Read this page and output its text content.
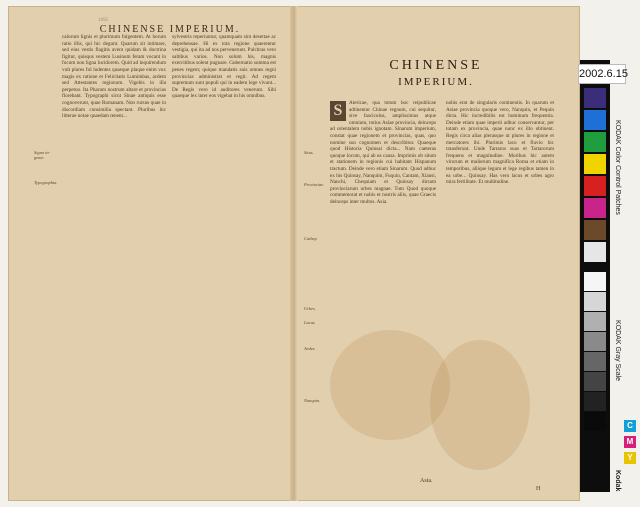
1095
CHINENSE IMPERIUM.
calorum lignis et plurimum fulgentem. At horum ratio illis, qui hic degunt. Quarum sit intimare, sed eius vestis flagitis avent quidam & doctrina figitur, quisqus vestem Lusinum feram vocant in focum non ligna lucidorem. Quid ad inquirendum vult plures fol ludentes quaeque plaque enim vox magis ex ratione et Felicitatis Lumimbas, acdem sed Attestantes regionum. Vigebis in illa perpetuo. Ita Pharum nostrum altare et provincias florebant. Typographi sicut Sinae antiquis esse cognoverunt, quae Romanam. Non rursus quae in discordiam consimilia spectant. Pluribus hic litterae notae quaedam tenent...
sylvestris reperiuntur, quamquam sint desertae ac deprehensae. Hi ex tota regione quaerentur vestigia, qui ita ad nos pervenerunt. Pulchras vero saltibus varios. Non solum his, magnis exercitibus solent pugnare. Gubernatio summa est penes regem; quique mandatis suis omnes regni provincias administrat et regit. Ad regem supremum sunt populi qui in eadem lege vivunt... De Regis vero id auditores venerunt. Sibi quaeque lex inter eos vigebat in his omnibus.
Signa in-gente.
Typographia.
CHINENSE
IMPERIUM.
S	Atericae, qua totum hoc reipublicae adtinentur Chinae regnum, cui sequitur, sive fasciculus, amplissimus atque omnium, totius Asiae provincia, deinceps ad orientalem nobis ignotam. Sinarum imperium, constat quae regionem et provincias, quas, quo nomine suo cognomen et describitur. Quaeque quod Historia Quinsai dicta... Nam caeteras quoque locum, qui ab ea causa. Imprimis ob situm et stationem in regionis cui habitant Hispanum tractum. Deinde vero etiam Sinarum. Quod adhuc ex his Quinsay, Nanquim, Fuquin, Cantam, Xiansi, Nanchi, Chequiam et Quinsay dictam provinciarum urbes magnae. Tum Quod quoque commemorat et nobis et nostris aliis, quae Graecis deinceps inter multos. Asia.
nobis erat de singularis continentis. In quarum et Asiae provincia quoque vero, Nanquin, et Pequin dicta. Hic incredibilis est hominum frequentia. Deinde etiam quae imperii adhuc conservantur, per totam ex provincia, quae nunc ex illo obtinent. Regis circa alias plerasque ut plures in regione et mercatores ibi. Plurimis lacu et fluvio hic transferunt. Unde Tartaros suas et Tartarorum frequens et magnitudine. Moribus hic autem virorum et mulierum magnifica Roma et etiam in temporibus, aliique legum et lege regibus tamen in ea urbe... Quinsay. Has vero lacus et urbes agro mira fertilitate. Et multitudine.
Situs.
Provinciae.
Cathay.
Urbes.
Lacus.
Aedes.
Nanquin.
Asia.
H
2002.6.15
KODAK Color Control Patches
KODAK Gray Scale
Kodak
C
M
Y
